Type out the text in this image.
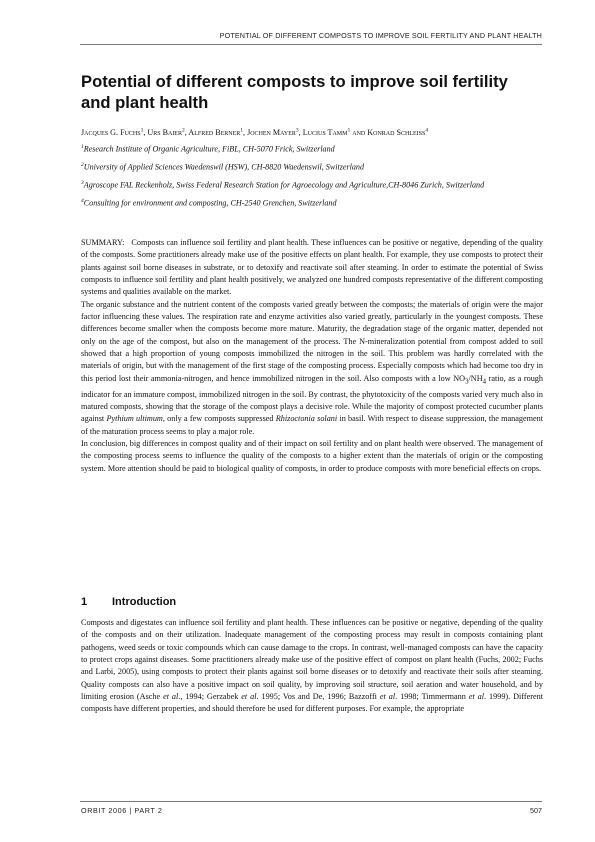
POTENTIAL OF DIFFERENT COMPOSTS TO IMPROVE SOIL FERTILITY AND PLANT HEALTH
Potential of different composts to improve soil fertility and plant health
Jacques G. Fuchs$^1$, Urs Baier$^2$, Alfred Berner$^1$, Jochen Mayer$^3$, Lucius Tamm$^1$ and Konrad Schleiss$^4$

$^1$Research Institute of Organic Agriculture, FiBL, CH-5070 Frick, Switzerland

$^2$University of Applied Sciences Waedenswil (HSW), CH-8820 Waedenswil, Switzerland

$^3$Agroscope FAL Reckenholz, Swiss Federal Research Station for Agroecology and Agriculture,CH-8046 Zurich, Switzerland

$^4$Consulting for environment and composting, CH-2540 Grenchen, Switzerland

SUMMARY: Composts can influence soil fertility and plant health. These influences can be positive or negative, depending of the quality of the composts. Some practitioners already make use of the positive effects on plant health. For example, they use composts to protect their plants against soil borne diseases in substrate, or to detoxify and reactivate soil after steaming. In order to estimate the potential of Swiss composts to influence soil fertility and plant health positively, we analyzed one hundred composts representative of the different composting systems and qualities available on the market.

The organic substance and the nutrient content of the composts varied greatly between the composts; the materials of origin were the major factor influencing these values. The respiration rate and enzyme activities also varied greatly, particularly in the youngest composts. These differences become smaller when the composts become more mature. Maturity, the degradation stage of the organic matter, depended not only on the age of the compost, but also on the management of the process. The N-mineralization potential from compost added to soil showed that a high proportion of young composts immobilized the nitrogen in the soil. This problem was hardly correlated with the materials of origin, but with the management of the first stage of the composting process. Especially composts which had become too dry in this period lost their ammonia-nitrogen, and hence immobilized nitrogen in the soil. Also composts with a low $NO_3/NH_4$ ratio, as a rough indicator for an immature compost, immobilized nitrogen in the soil. By contrast, the phytotoxicity of the composts varied very much also in matured composts, showing that the storage of the compost plays a decisive role. While the majority of compost protected cucumber plants against Pythium ultimum, only a few composts suppressed Rhizoctonia solani in basil. With respect to disease suppression, the management of the maturation process seems to play a major role.

In conclusion, big differences in compost quality and of their impact on soil fertility and on plant health were observed. The management of the composting process seems to influence the quality of the composts to a higher extent than the materials of origin or the composting system. More attention should be paid to biological quality of composts, in order to produce composts with more beneficial effects on crops.

1 Introduction

Composts and digestates can influence soil fertility and plant health. These influences can be positive or negative, depending of the quality of the composts and on their utilization. Inadequate management of the composting process may result in composts containing plant pathogens, weed seeds or toxic compounds which can cause damage to the crops. In contrast, well-managed composts can have the capacity to protect crops against diseases. Some practitioners already make use of the positive effect of compost on plant health (Fuchs, 2002; Fuchs and Larbi, 2005), using composts to protect their plants against soil borne diseases or to detoxify and reactivate their soils after steaming. Quality composts can also have a positive impact on soil quality, by improving soil structure, soil aeration and water household, and by limiting erosion (Asche et al., 1994; Gerzabek et al. 1995; Vos and De, 1996; Bazzoffi et al. 1998; Timmermann et al. 1999). Different composts have different properties, and should therefore be used for different purposes. For example, the appropriate

ORBIT 2006 | PART 2	507
